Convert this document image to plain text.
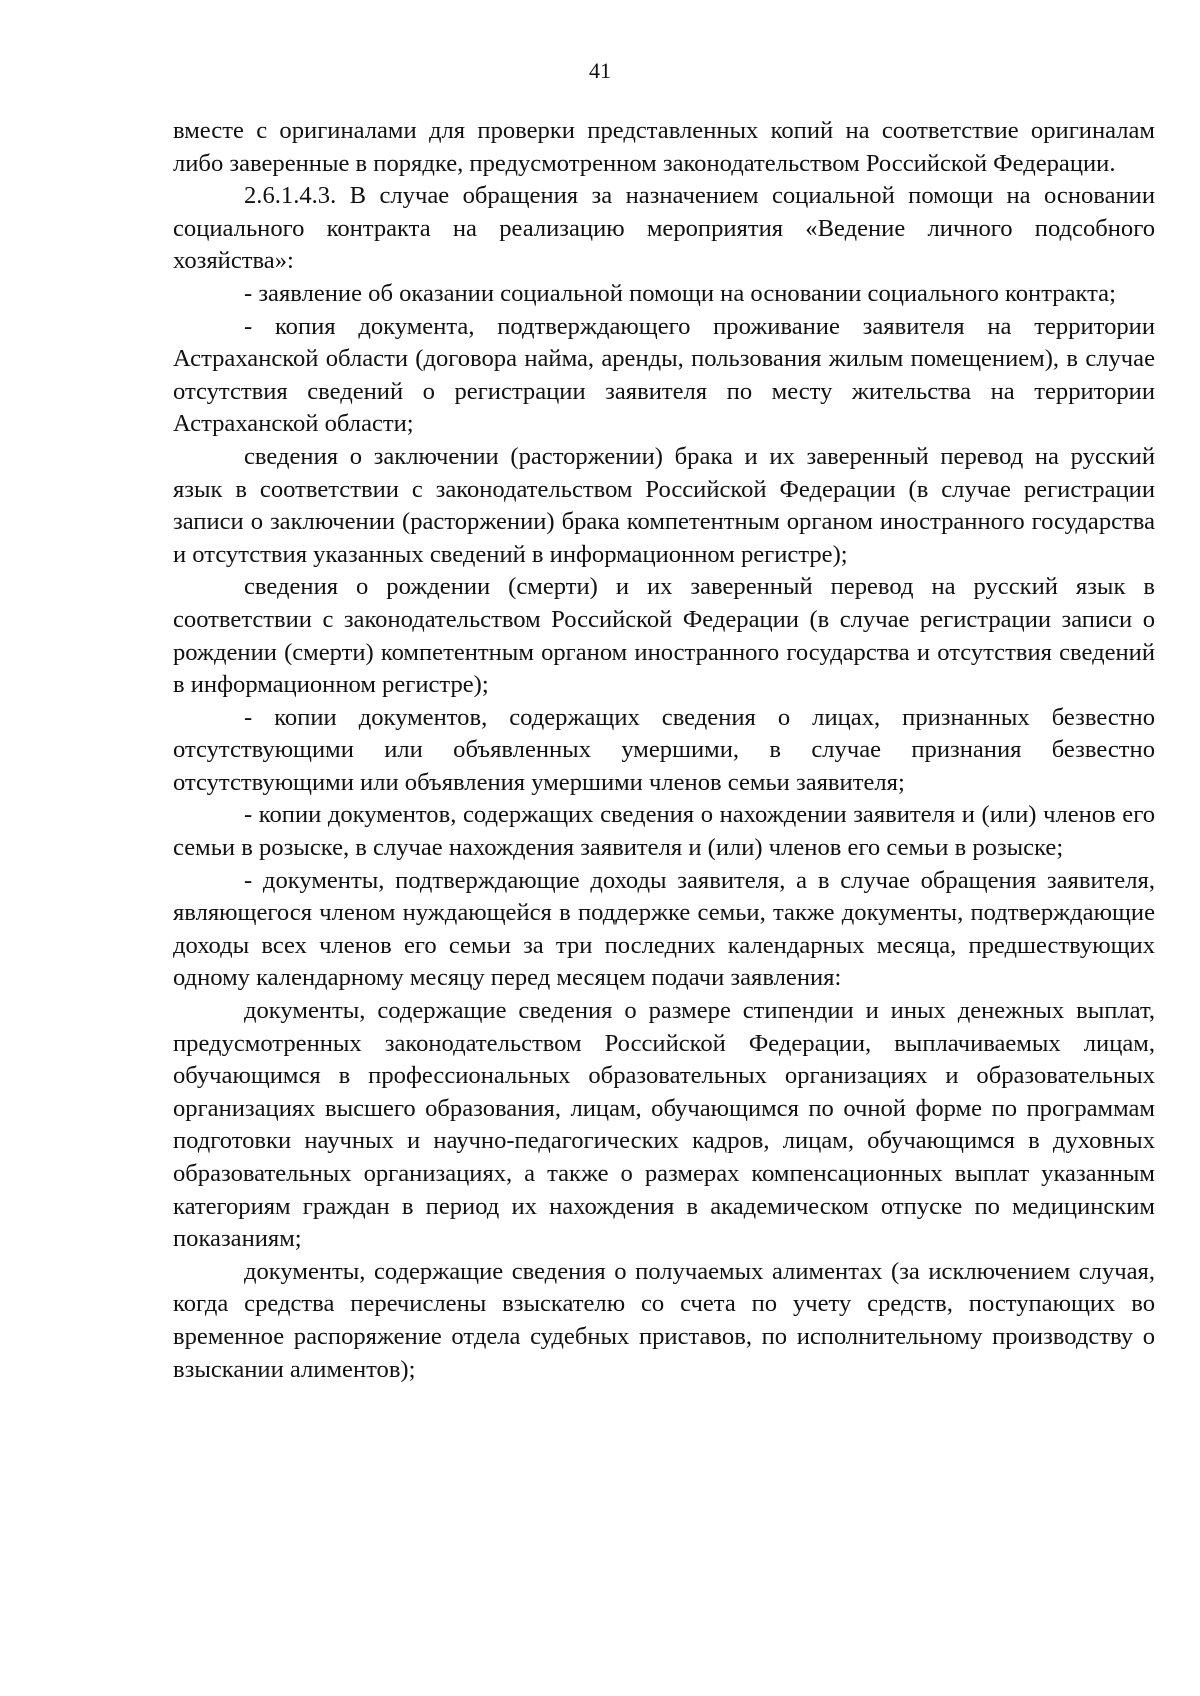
41

вместе с оригиналами для проверки представленных копий на соответствие оригиналам либо заверенные в порядке, предусмотренном законодательством Российской Федерации.

2.6.1.4.3. В случае обращения за назначением социальной помощи на основании социального контракта на реализацию мероприятия «Ведение личного подсобного хозяйства»:

- заявление об оказании социальной помощи на основании социального контракта;

- копия документа, подтверждающего проживание заявителя на территории Астраханской области (договора найма, аренды, пользования жилым помещением), в случае отсутствия сведений о регистрации заявителя по месту жительства на территории Астраханской области;

сведения о заключении (расторжении) брака и их заверенный перевод на русский язык в соответствии с законодательством Российской Федерации (в случае регистрации записи о заключении (расторжении) брака компетентным органом иностранного государства и отсутствия указанных сведений в информационном регистре);

сведения о рождении (смерти) и их заверенный перевод на русский язык в соответствии с законодательством Российской Федерации (в случае регистрации записи о рождении (смерти) компетентным органом иностранного государства и отсутствия сведений в информационном регистре);

- копии документов, содержащих сведения о лицах, признанных безвестно отсутствующими или объявленных умершими, в случае признания безвестно отсутствующими или объявления умершими членов семьи заявителя;

- копии документов, содержащих сведения о нахождении заявителя и (или) членов его семьи в розыске, в случае нахождения заявителя и (или) членов его семьи в розыске;

- документы, подтверждающие доходы заявителя, а в случае обращения заявителя, являющегося членом нуждающейся в поддержке семьи, также документы, подтверждающие доходы всех членов его семьи за три последних календарных месяца, предшествующих одному календарному месяцу перед месяцем подачи заявления:

документы, содержащие сведения о размере стипендии и иных денежных выплат, предусмотренных законодательством Российской Федерации, выплачиваемых лицам, обучающимся в профессиональных образовательных организациях и образовательных организациях высшего образования, лицам, обучающимся по очной форме по программам подготовки научных и научно-педагогических кадров, лицам, обучающимся в духовных образовательных организациях, а также о размерах компенсационных выплат указанным категориям граждан в период их нахождения в академическом отпуске по медицинским показаниям;

документы, содержащие сведения о получаемых алиментах (за исключением случая, когда средства перечислены взыскателю со счета по учету средств, поступающих во временное распоряжение отдела судебных приставов, по исполнительному производству о взыскании алиментов);
